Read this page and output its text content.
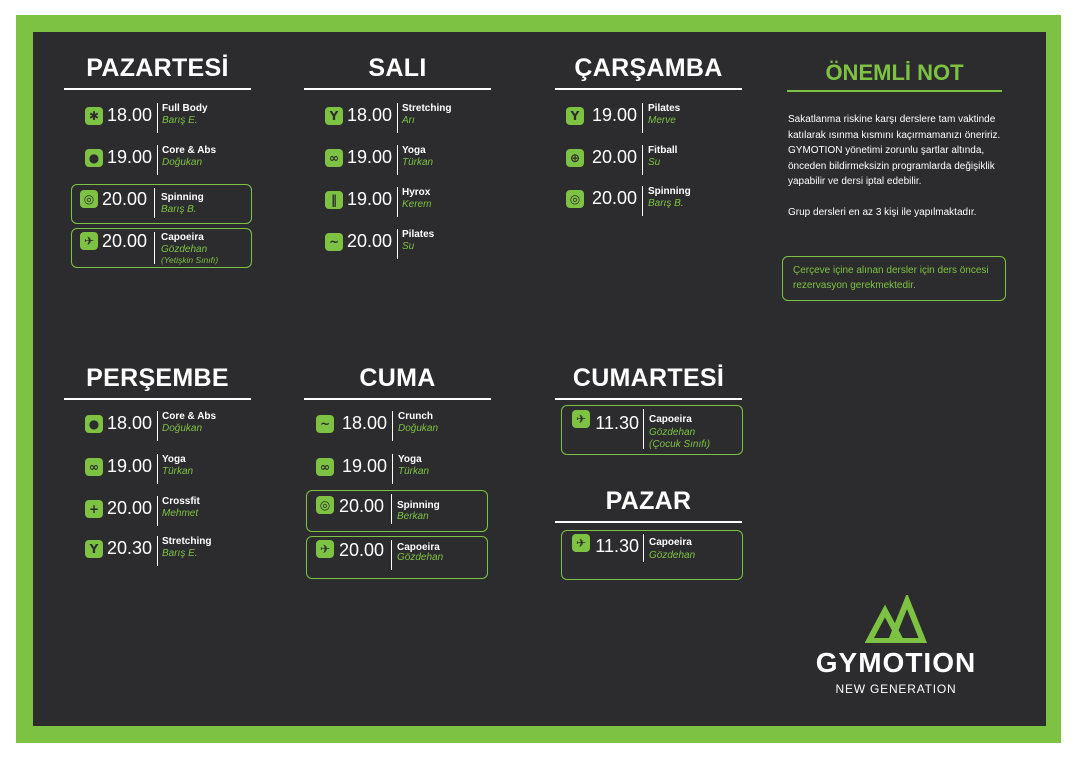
PAZARTESİ
✱ 18.00 Full Body
Barış E.
● 19.00 Core & Abs
Doğukan
◎ 20.00 Spinning
Barış B.
✈ 20.00 Capoeira
Gözdehan
(Yetişkin Sınıfı)
SALI
Y 18.00 Stretching
Arı
∞ 19.00 Yoga
Türkan
‖ 19.00 Hyrox
Kerem
~ 20.00 Pilates
Su
ÇARŞAMBA
Y 19.00 Pilates
Merve
⊕ 20.00 Fitball
Su
◎ 20.00 Spinning
Barış B.
ÖNEMLİ NOT

Sakatlanma riskine karşı derslere tam vaktinde katılarak ısınma kısmını kaçırmamanızı öneririz. GYMOTION yönetimi zorunlu şartlar altında, önceden bildirmeksizin programlarda değişiklik yapabilir ve dersi iptal edebilir.

Grup dersleri en az 3 kişi ile yapılmaktadır.

Çerçeve içine alınan dersler için ders öncesi rezervasyon gerekmektedir.
PERŞEMBE
● 18.00 Core & Abs
Doğukan
∞ 19.00 Yoga
Türkan
+ 20.00 Crossfit
Mehmet
Y 20.30 Stretching
Barış E.
CUMA
~ 18.00 Crunch
Doğukan
∞ 19.00 Yoga
Türkan
◎ 20.00 Spinning
Berkan
✈ 20.00 Capoeira
Gözdehan
CUMARTESİ
✈ 11.30 Capoeira
Gözdehan
(Çocuk Sınıfı)
PAZAR
✈ 11.30 Capoeira
Gözdehan
GYMOTION
NEW GENERATION
